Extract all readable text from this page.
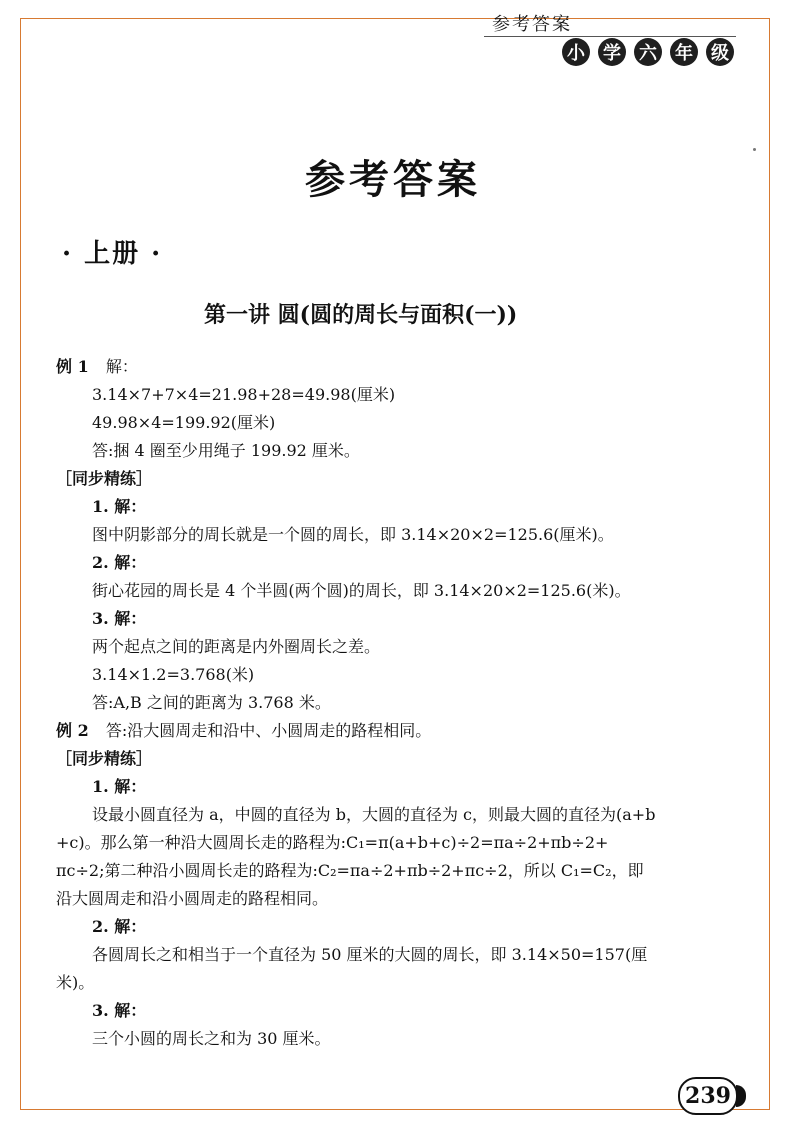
参考答案
小 学 六 年 级
参考答案
· 上册 ·
第一讲 圆(圆的周长与面积(一))
例 1 解：
3.14×7+7×4=21.98+28=49.98(厘米)
49.98×4=199.92(厘米)
答:捆 4 圈至少用绳子 199.92 厘米。
［同步精练］
1. 解：
图中阴影部分的周长就是一个圆的周长，即 3.14×20×2=125.6(厘米)。
2. 解：
街心花园的周长是 4 个半圆(两个圆)的周长，即 3.14×20×2=125.6(米)。
3. 解：
两个起点之间的距离是内外圈周长之差。
3.14×1.2=3.768(米)
答:A,B 之间的距离为 3.768 米。
例 2 答:沿大圆周走和沿中、小圆周走的路程相同。
［同步精练］
1. 解：
设最小圆直径为 a，中圆的直径为 b，大圆的直径为 c，则最大圆的直径为(a+b
+c)。那么第一种沿大圆周长走的路程为:C₁=π(a+b+c)÷2=πa÷2+πb÷2+
πc÷2;第二种沿小圆周长走的路程为:C₂=πa÷2+πb÷2+πc÷2，所以 C₁=C₂，即
沿大圆周走和沿小圆周走的路程相同。
2. 解：
各圆周长之和相当于一个直径为 50 厘米的大圆的周长，即 3.14×50=157(厘
米)。
3. 解：
三个小圆的周长之和为 30 厘米。
239
